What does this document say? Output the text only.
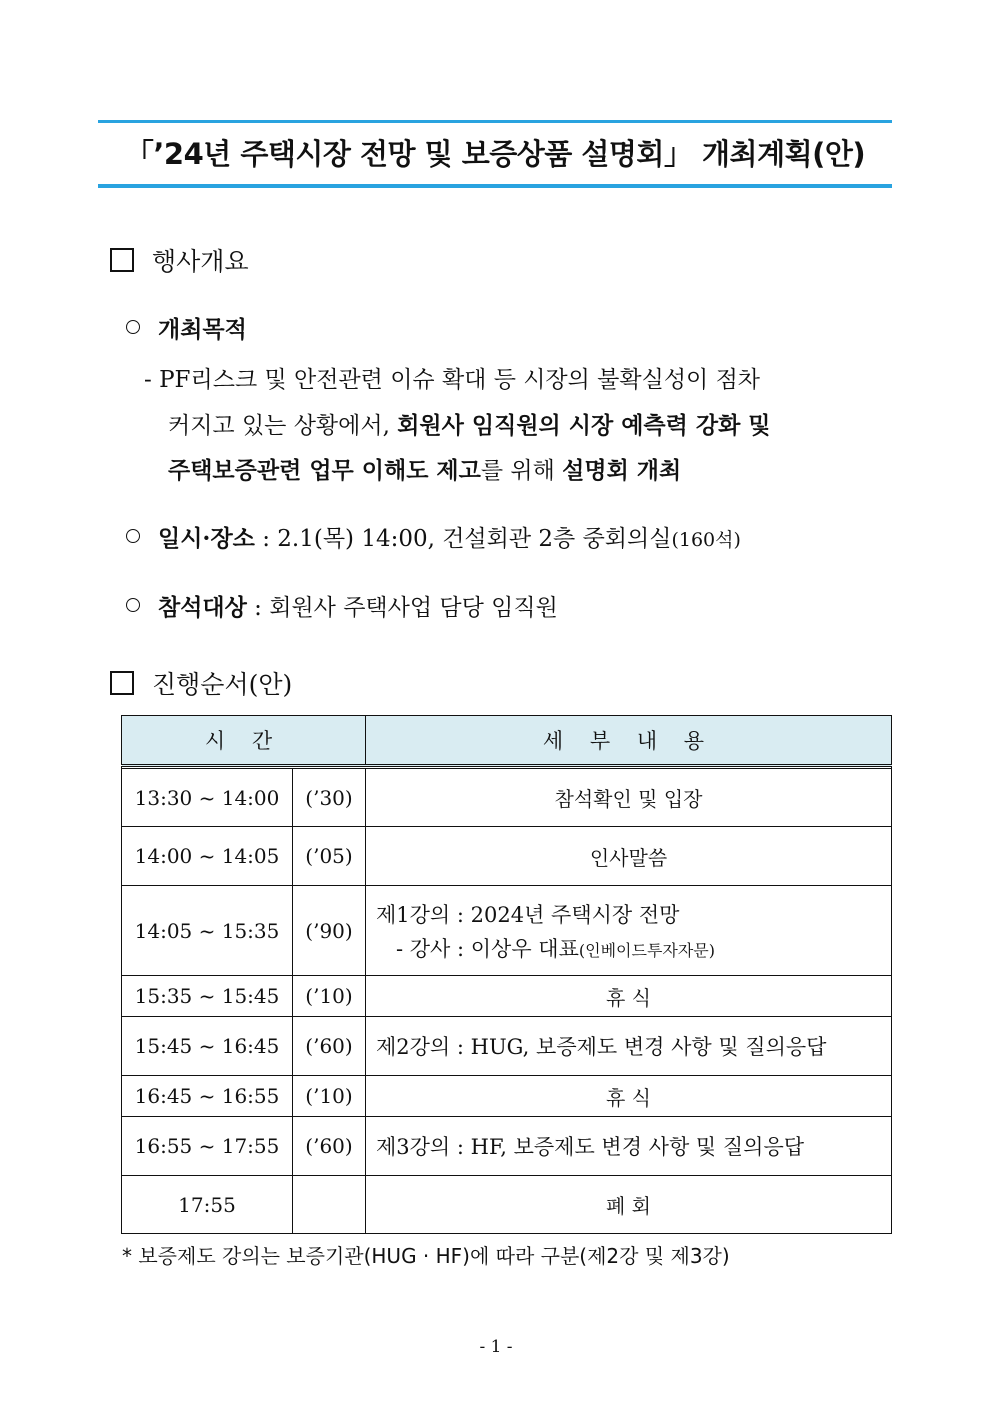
「’24년 주택시장 전망 및 보증상품 설명회」 개최계획(안)
행사개요
개최목적
- PF리스크 및 안전관련 이슈 확대 등 시장의 불확실성이 점차
커지고 있는 상황에서, 회원사 임직원의 시장 예측력 강화 및
주택보증관련 업무 이해도 제고를 위해 설명회 개최
일시·장소 : 2.1(목) 14:00, 건설회관 2층 중회의실(160석)
참석대상 : 회원사 주택사업 담당 임직원
진행순서(안)
시 간		세 부 내 용

13:30 ~ 14:00	(’30)	참석확인 및 입장
14:00 ~ 14:05	(’05)	인사말씀
14:05 ~ 15:35	(’90)	제1강의 : 2024년 주택시장 전망
- 강사 : 이상우 대표(인베이드투자자문)

15:35 ~ 15:45	(’10)	휴 식
15:45 ~ 16:45	(’60)	제2강의 : HUG, 보증제도 변경 사항 및 질의응답
16:45 ~ 16:55	(’10)	휴 식
16:55 ~ 17:55	(’60)	제3강의 : HF, 보증제도 변경 사항 및 질의응답
17:55		폐 회
* 보증제도 강의는 보증기관(HUG · HF)에 따라 구분(제2강 및 제3강)
- 1 -
